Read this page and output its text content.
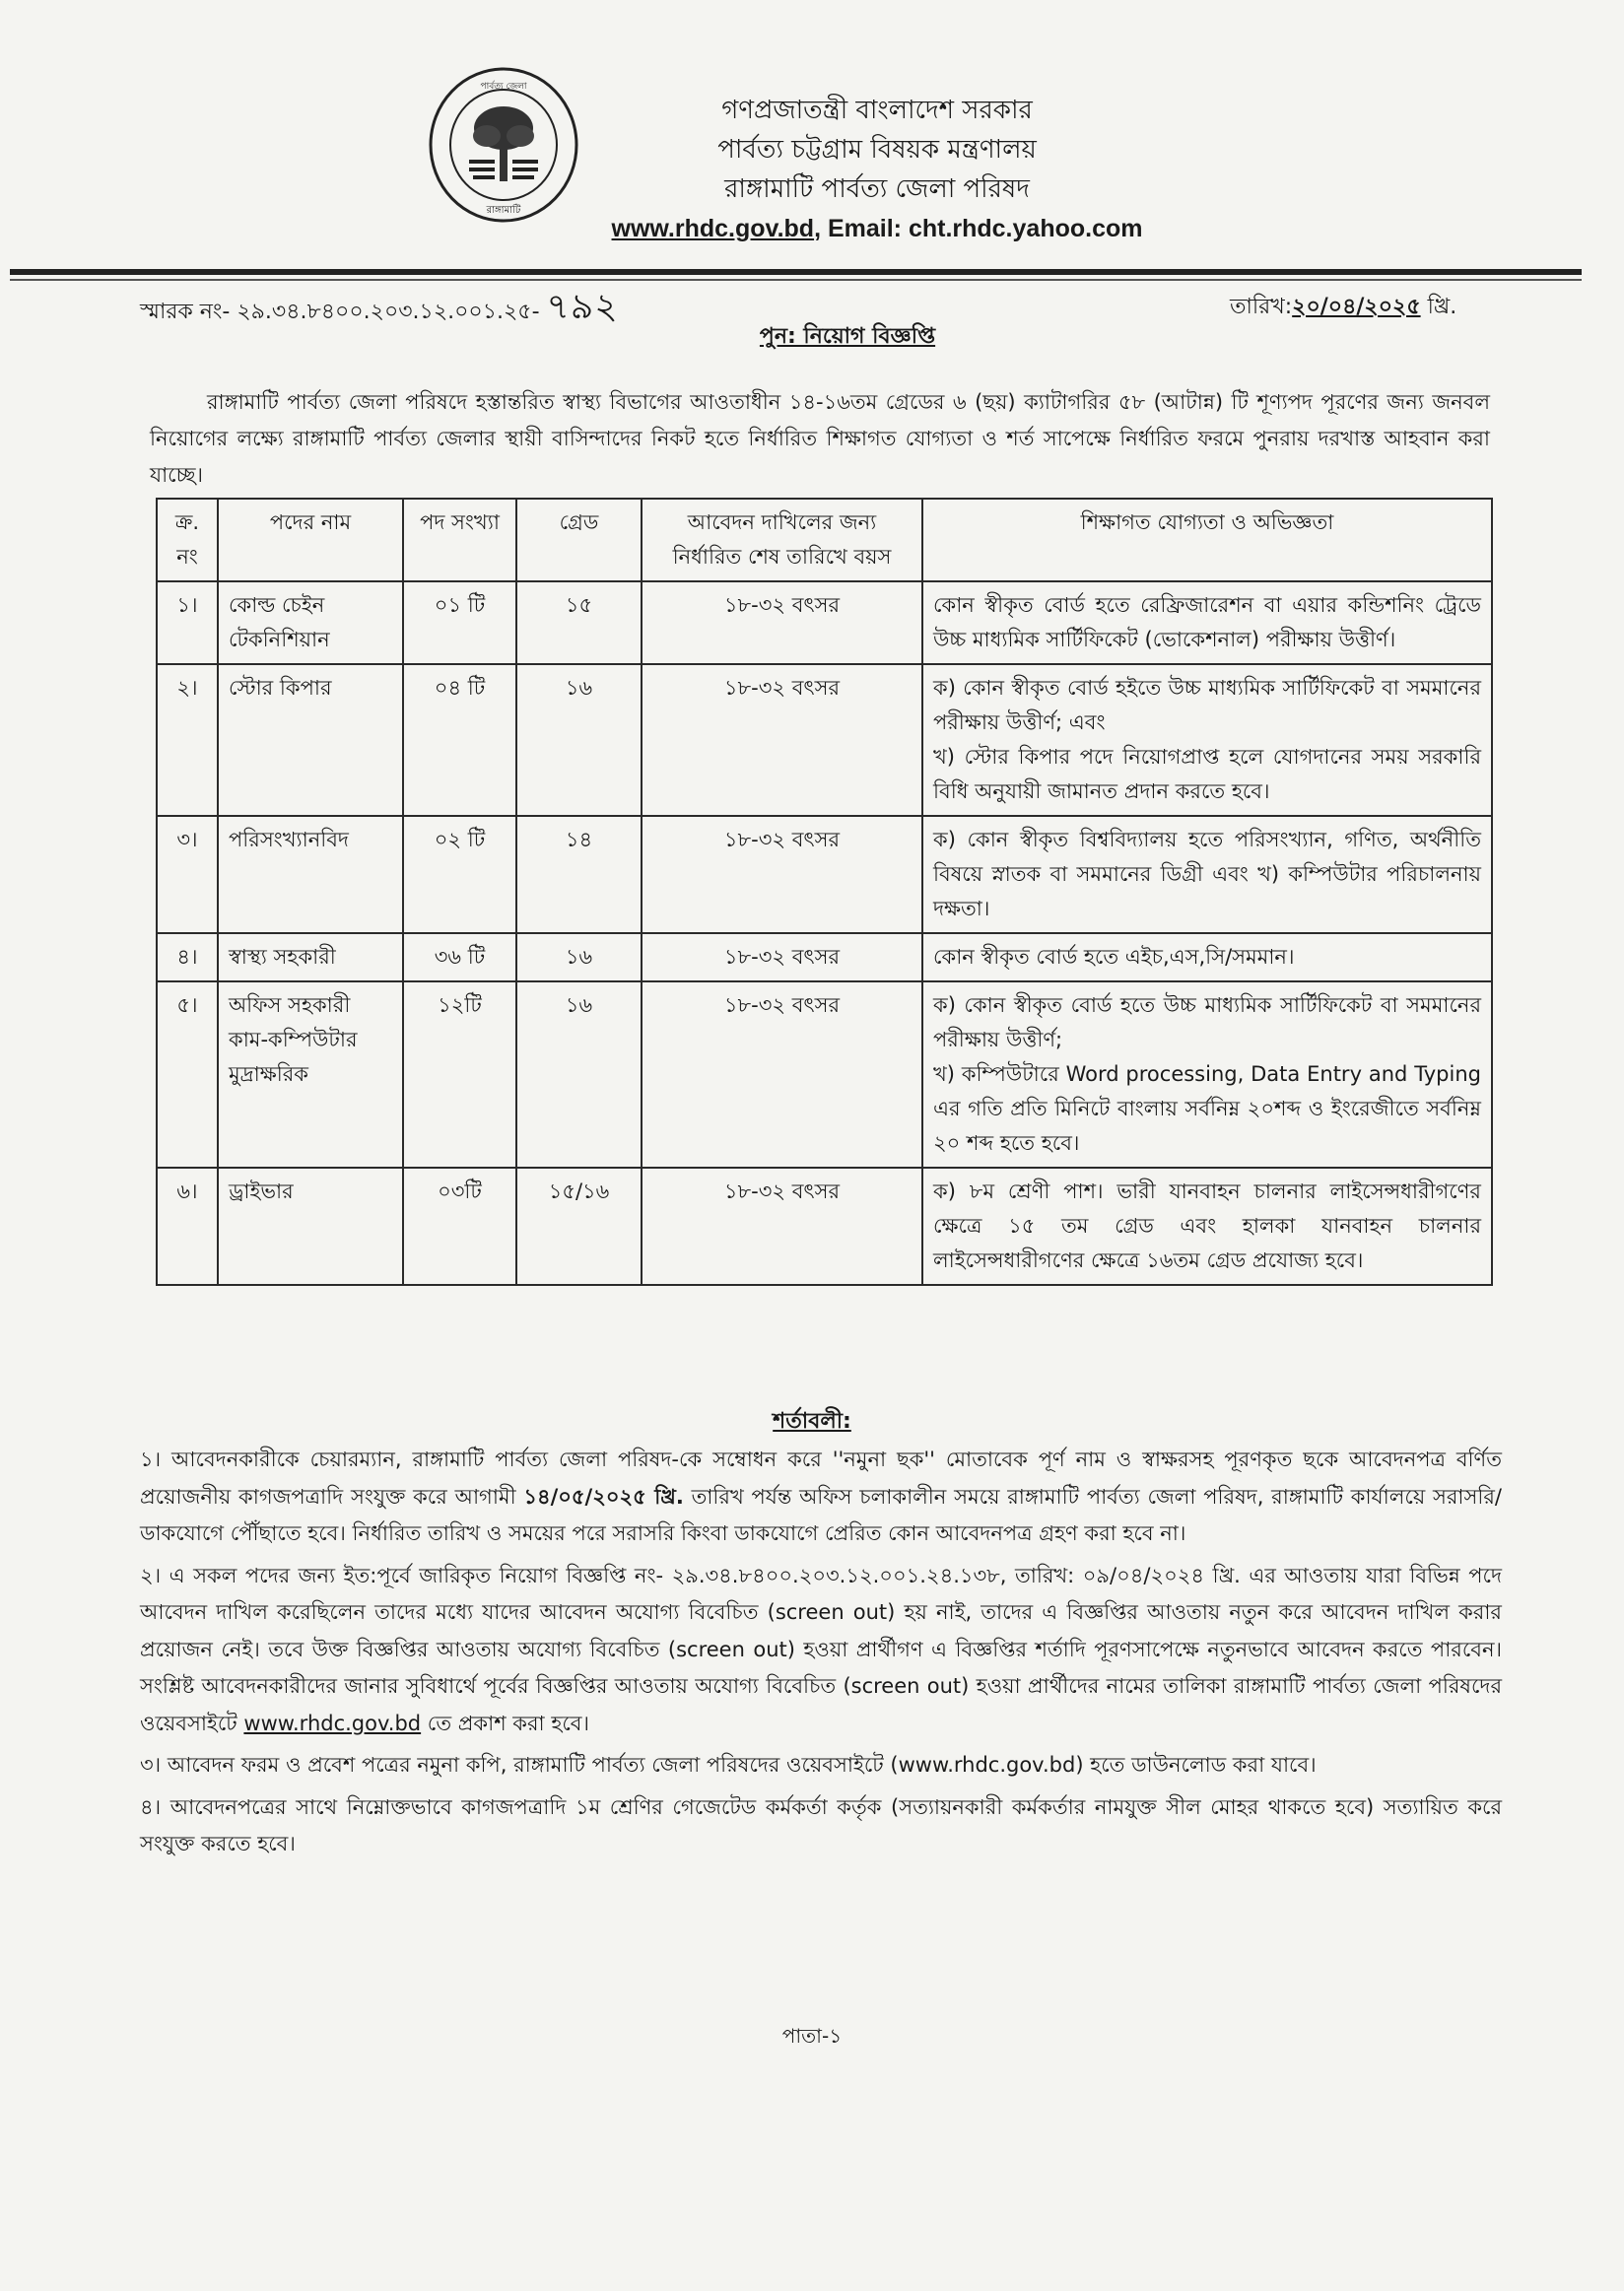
পার্বত্য জেলা
রাঙ্গামাটি
গণপ্রজাতন্ত্রী বাংলাদেশ সরকার
পার্বত্য চট্টগ্রাম বিষয়ক মন্ত্রণালয়
রাঙ্গামাটি পার্বত্য জেলা পরিষদ
www.rhdc.gov.bd, Email: cht.rhdc.yahoo.com
স্মারক নং- ২৯.৩৪.৮৪০০.২০৩.১২.০০১.২৫- ৭৯২	তারিখ:২০/০৪/২০২৫ খ্রি.
পুন: নিয়োগ বিজ্ঞপ্তি

রাঙ্গামাটি পার্বত্য জেলা পরিষদে হস্তান্তরিত স্বাস্থ্য বিভাগের আওতাধীন ১৪-১৬তম গ্রেডের ৬ (ছয়) ক্যাটাগরির ৫৮ (আটান্ন) টি শূণ্যপদ পূরণের জন্য জনবল নিয়োগের লক্ষ্যে রাঙ্গামাটি পার্বত্য জেলার স্থায়ী বাসিন্দাদের নিকট হতে নির্ধারিত শিক্ষাগত যোগ্যতা ও শর্ত সাপেক্ষে নির্ধারিত ফরমে পুনরায় দরখাস্ত আহবান করা যাচ্ছে।

ক্র. নং	পদের নাম	পদ সংখ্যা	গ্রেড	আবেদন দাখিলের জন্য নির্ধারিত শেষ তারিখে বয়স	শিক্ষাগত যোগ্যতা ও অভিজ্ঞতা
১।	কোল্ড চেইন টেকনিশিয়ান	০১ টি	১৫	১৮-৩২ বৎসর	কোন স্বীকৃত বোর্ড হতে রেফ্রিজারেশন বা এয়ার কন্ডিশনিং ট্রেডে উচ্চ মাধ্যমিক সার্টিফিকেট (ভোকেশনাল) পরীক্ষায় উত্তীর্ণ।

২।	স্টোর কিপার	০৪ টি	১৬	১৮-৩২ বৎসর	ক) কোন স্বীকৃত বোর্ড হইতে উচ্চ মাধ্যমিক সার্টিফিকেট বা সমমানের পরীক্ষায় উত্তীর্ণ; এবং
খ) স্টোর কিপার পদে নিয়োগপ্রাপ্ত হলে যোগদানের সময় সরকারি বিধি অনুযায়ী জামানত প্রদান করতে হবে।

৩।	পরিসংখ্যানবিদ	০২ টি	১৪	১৮-৩২ বৎসর	ক) কোন স্বীকৃত বিশ্ববিদ্যালয় হতে পরিসংখ্যান, গণিত, অর্থনীতি বিষয়ে স্নাতক বা সমমানের ডিগ্রী এবং খ) কম্পিউটার পরিচালনায় দক্ষতা।

৪।	স্বাস্থ্য সহকারী	৩৬ টি	১৬	১৮-৩২ বৎসর	কোন স্বীকৃত বোর্ড হতে এইচ,এস,সি/সমমান।

৫।	অফিস সহকারী কাম-কম্পিউটার মুদ্রাক্ষরিক	১২টি	১৬	১৮-৩২ বৎসর	ক) কোন স্বীকৃত বোর্ড হতে উচ্চ মাধ্যমিক সার্টিফিকেট বা সমমানের পরীক্ষায় উত্তীর্ণ;
খ) কম্পিউটারে Word processing, Data Entry and Typing এর গতি প্রতি মিনিটে বাংলায় সর্বনিম্ন ২০শব্দ ও ইংরেজীতে সর্বনিম্ন ২০ শব্দ হতে হবে।

৬।	ড্রাইভার	০৩টি	১৫/১৬	১৮-৩২ বৎসর	ক) ৮ম শ্রেণী পাশ। ভারী যানবাহন চালনার লাইসেন্সধারীগণের ক্ষেত্রে ১৫ তম গ্রেড এবং হালকা যানবাহন চালনার লাইসেন্সধারীগণের ক্ষেত্রে ১৬তম গ্রেড প্রযোজ্য হবে।
শর্তাবলী:

১। আবেদনকারীকে চেয়ারম্যান, রাঙ্গামাটি পার্বত্য জেলা পরিষদ-কে সম্বোধন করে ''নমুনা ছক'' মোতাবেক পূর্ণ নাম ও স্বাক্ষরসহ পূরণকৃত ছকে আবেদনপত্র বর্ণিত প্রয়োজনীয় কাগজপত্রাদি সংযুক্ত করে আগামী ১৪/০৫/২০২৫ খ্রি. তারিখ পর্যন্ত অফিস চলাকালীন সময়ে রাঙ্গামাটি পার্বত্য জেলা পরিষদ, রাঙ্গামাটি কার্যালয়ে সরাসরি/ডাকযোগে পৌঁছাতে হবে। নির্ধারিত তারিখ ও সময়ের পরে সরাসরি কিংবা ডাকযোগে প্রেরিত কোন আবেদনপত্র গ্রহণ করা হবে না।

২। এ সকল পদের জন্য ইত:পূর্বে জারিকৃত নিয়োগ বিজ্ঞপ্তি নং- ২৯.৩৪.৮৪০০.২০৩.১২.০০১.২৪.১৩৮, তারিখ: ০৯/০৪/২০২৪ খ্রি. এর আওতায় যারা বিভিন্ন পদে আবেদন দাখিল করেছিলেন তাদের মধ্যে যাদের আবেদন অযোগ্য বিবেচিত (screen out) হয় নাই, তাদের এ বিজ্ঞপ্তির আওতায় নতুন করে আবেদন দাখিল করার প্রয়োজন নেই। তবে উক্ত বিজ্ঞপ্তির আওতায় অযোগ্য বিবেচিত (screen out) হওয়া প্রার্থীগণ এ বিজ্ঞপ্তির শর্তাদি পূরণসাপেক্ষে নতুনভাবে আবেদন করতে পারবেন। সংশ্লিষ্ট আবেদনকারীদের জানার সুবিধার্থে পূর্বের বিজ্ঞপ্তির আওতায় অযোগ্য বিবেচিত (screen out) হওয়া প্রার্থীদের নামের তালিকা রাঙ্গামাটি পার্বত্য জেলা পরিষদের ওয়েবসাইটে www.rhdc.gov.bd তে প্রকাশ করা হবে।

৩। আবেদন ফরম ও প্রবেশ পত্রের নমুনা কপি, রাঙ্গামাটি পার্বত্য জেলা পরিষদের ওয়েবসাইটে (www.rhdc.gov.bd) হতে ডাউনলোড করা যাবে।

৪। আবেদনপত্রের সাথে নিম্নোক্তভাবে কাগজপত্রাদি ১ম শ্রেণির গেজেটেড কর্মকর্তা কর্তৃক (সত্যায়নকারী কর্মকর্তার নামযুক্ত সীল মোহর থাকতে হবে) সত্যায়িত করে সংযুক্ত করতে হবে।

পাতা-১
